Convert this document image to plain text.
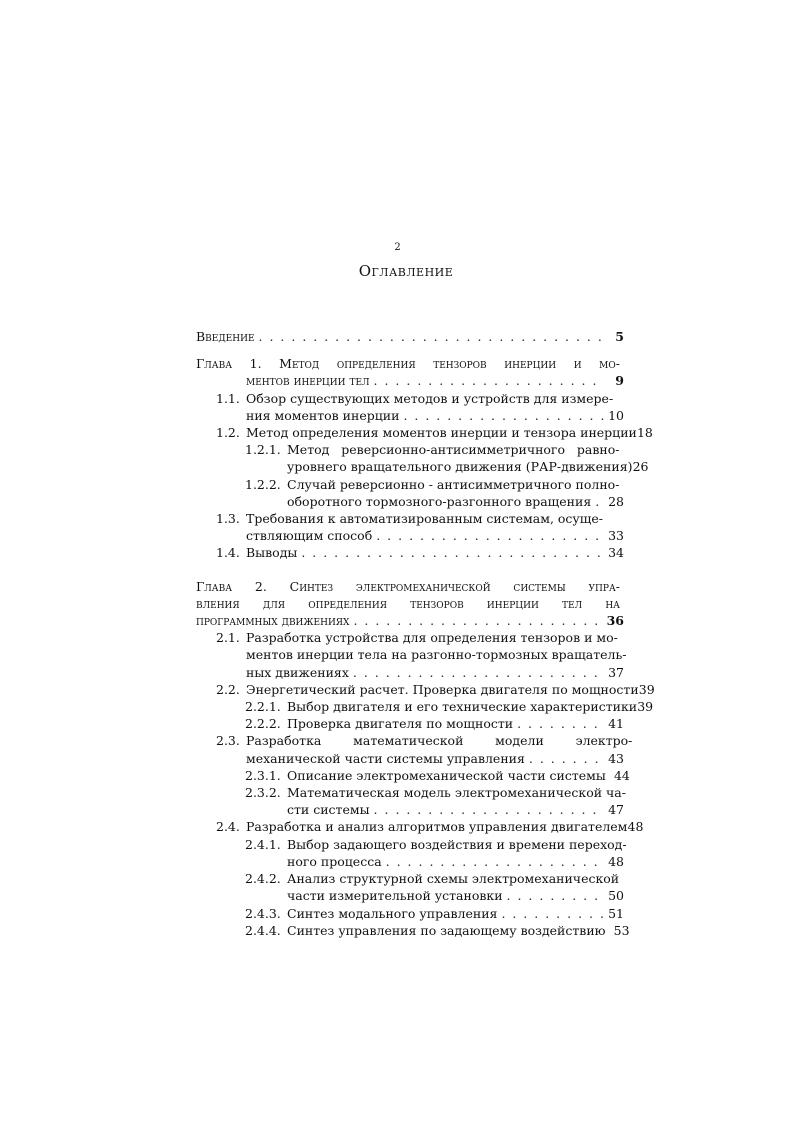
2
Оглавление
Введение . . .	5
Глава 1. Метод определения тензоров инерции и мо-
ментов инерции тел . . .	9
1.1. Обзор существующих методов и устройств для измере-
ния моментов инерции . . .	10
1.2. Метод определения моментов инерции и тензора инерции 18
1.2.1. Метод   реверсионно-антисимметричного   равно-
уровнего вращательного движения (РАР-движения) 26
1.2.2. Случай реверсионно - антисимметричного полно-
оборотного тормозного-разгонного вращения . . . 28
1.3. Требования к автоматизированным системам, осуще-
ствляющим способ . . .	33
1.4. Выводы . . .	34
Глава 2. Синтез электромеханической системы упра-
вления для определения тензоров инерции тел на
программных движениях . . .	36
2.1. Разработка устройства для определения тензоров и мо-
ментов инерции тела на разгонно-тормозных вращатель-
ных движениях . . .	37
2.2. Энергетический расчет. Проверка двигателя по мощности 39
2.2.1. Выбор двигателя и его технические характеристики 39
2.2.2. Проверка двигателя по мощности . . .	41
2.3. Разработка        математической        модели        электро-
механической части системы управления . . .	43
2.3.1. Описание электромеханической части системы 44
2.3.2. Математическая модель электромеханической ча-
сти системы . . .	47
2.4. Разработка и анализ алгоритмов управления двигателем 48
2.4.1. Выбор задающего воздействия и времени переход-
ного процесса . . .	48
2.4.2. Анализ структурной схемы электромеханической
части измерительной установки . . .	50
2.4.3. Синтез модального управления . . .	51
2.4.4. Синтез управления по задающему воздействию 53
